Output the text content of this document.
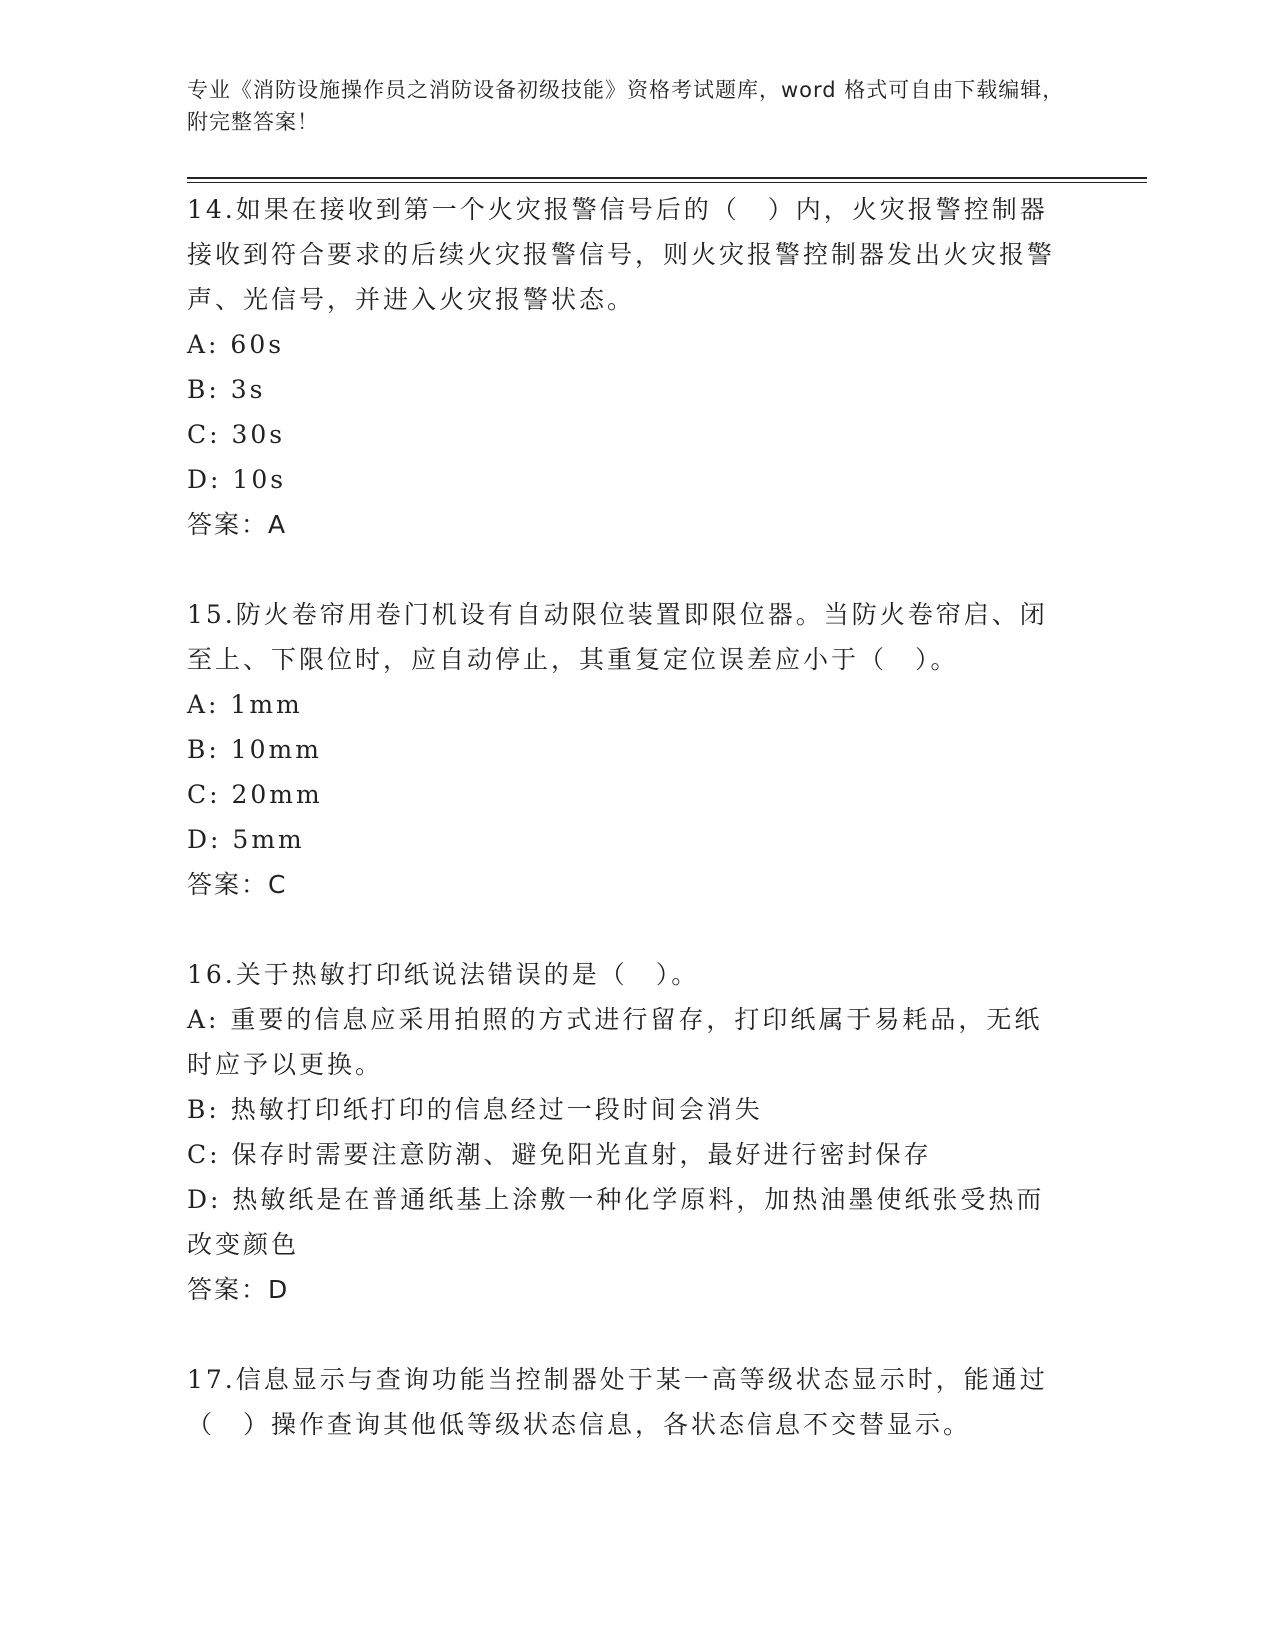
专业《消防设施操作员之消防设备初级技能》资格考试题库，word 格式可自由下载编辑，附完整答案！

14.如果在接收到第一个火灾报警信号后的（　）内，火灾报警控制器接收到符合要求的后续火灾报警信号，则火灾报警控制器发出火灾报警声、光信号，并进入火灾报警状态。

A: 60s

B: 3s

C: 30s

D: 10s

答案：A

15.防火卷帘用卷门机设有自动限位装置即限位器。当防火卷帘启、闭至上、下限位时，应自动停止，其重复定位误差应小于（　）。

A: 1mm

B: 10mm

C: 20mm

D: 5mm

答案：C

16.关于热敏打印纸说法错误的是（　）。

A: 重要的信息应采用拍照的方式进行留存，打印纸属于易耗品，无纸时应予以更换。

B: 热敏打印纸打印的信息经过一段时间会消失

C: 保存时需要注意防潮、避免阳光直射，最好进行密封保存

D: 热敏纸是在普通纸基上涂敷一种化学原料，加热油墨使纸张受热而改变颜色

答案：D

17.信息显示与查询功能当控制器处于某一高等级状态显示时，能通过（　）操作查询其他低等级状态信息，各状态信息不交替显示。
